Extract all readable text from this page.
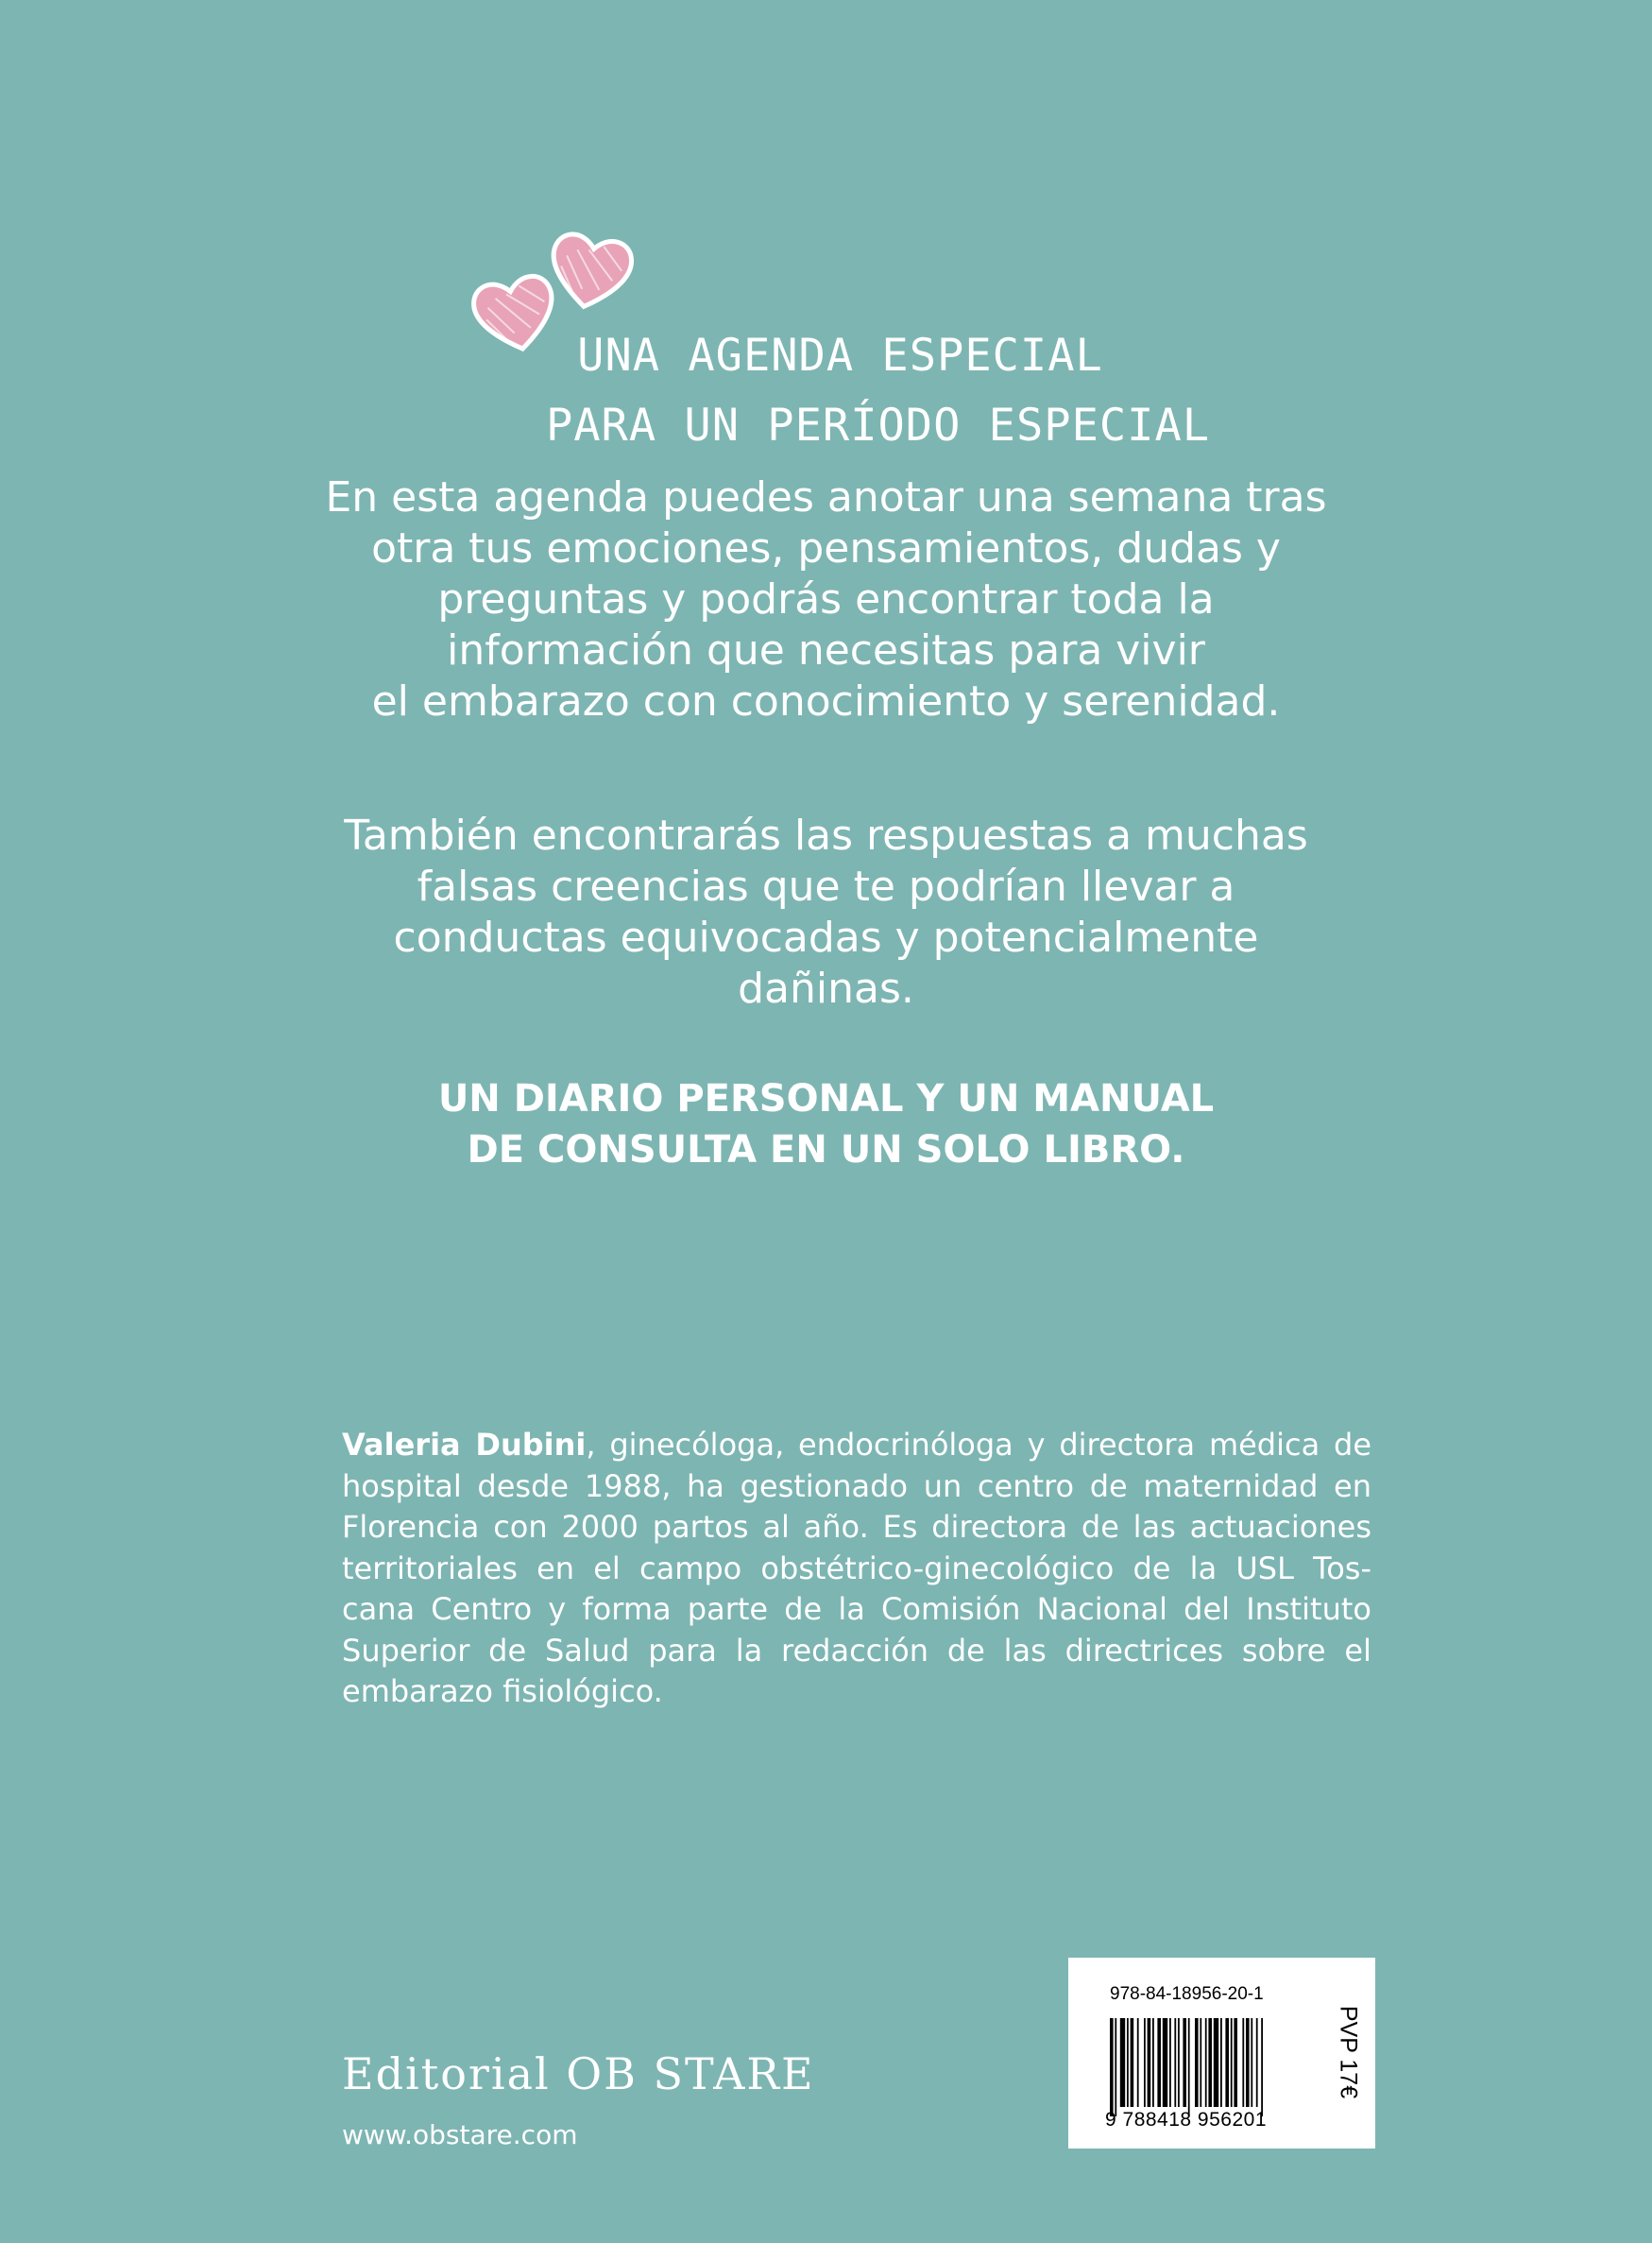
UNA AGENDA ESPECIAL
PARA UN PERÍODO ESPECIAL
En esta agenda puedes anotar una semana tras
otra tus emociones, pensamientos, dudas y
preguntas y podrás encontrar toda la
información que necesitas para vivir
el embarazo con conocimiento y serenidad.
También encontrarás las respuestas a muchas
falsas creencias que te podrían llevar a
conductas equivocadas y potencialmente
dañinas.
UN DIARIO PERSONAL Y UN MANUAL
DE CONSULTA EN UN SOLO LIBRO.
Valeria Dubini, ginecóloga, endocrinóloga y directora médica de
hospital desde 1988, ha gestionado un centro de maternidad en
Florencia con 2000 partos al año. Es directora de las actuaciones
territoriales en el campo obstétrico-ginecológico de la USL Tos-
cana Centro y forma parte de la Comisión Nacional del Instituto
Superior de Salud para la redacción de las directrices sobre el
embarazo fisiológico.
Editorial OB STARE
www.obstare.com
978-84-18956-20-1
9 788418 956201
PVP 17€
